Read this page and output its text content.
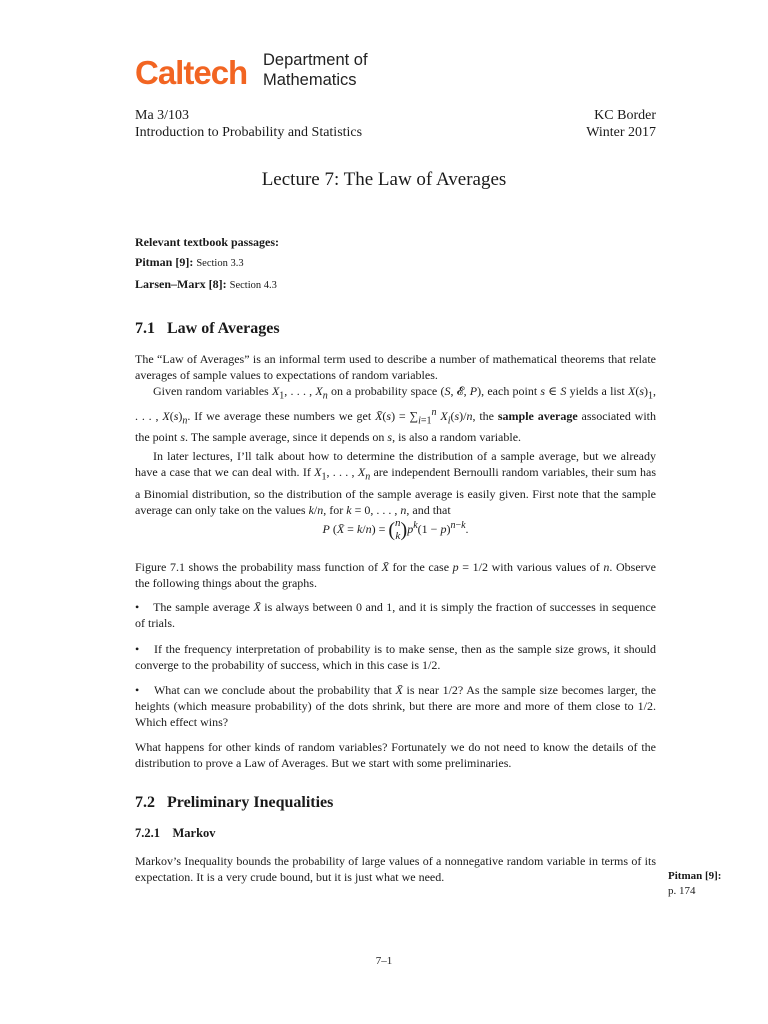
Caltech Department of
Mathematics
Ma 3/103
Introduction to Probability and Statistics
KC Border
Winter 2017
Lecture 7: The Law of Averages
Relevant textbook passages:
Pitman [9]: Section 3.3
Larsen–Marx [8]: Section 4.3
7.1 Law of Averages
The “Law of Averages” is an informal term used to describe a number of mathematical theorems that relate averages of sample values to expectations of random variables.
Given random variables $X_1$, . . . , $X_n$ on a probability space (S, 𝓔, P), each point s ∈ S yields a list $X(s)_1$, . . . , $X(s)_n$. If we average these numbers we get X̄(s) = $\sum_{i=1}^n$ $X_i(s)/n$, the sample average associated with the point s. The sample average, since it depends on s, is also a random variable.
In later lectures, I’ll talk about how to determine the distribution of a sample average, but we already have a case that we can deal with. If $X_1$, . . . , $X_n$ are independent Bernoulli random variables, their sum has a Binomial distribution, so the distribution of the sample average is easily given. First note that the sample average can only take on the values k/n, for k = 0, . . . , n, and that
P (X̄ = k/n) = (n
$k)p^k(1 - p)^{n-k}$.
Figure 7.1 shows the probability mass function of X̄ for the case p = 1/2 with various values of n. Observe the following things about the graphs.
•    The sample average X̄ is always between 0 and 1, and it is simply the fraction of successes in sequence of trials.
•    If the frequency interpretation of probability is to make sense, then as the sample size grows, it should converge to the probability of success, which in this case is 1/2.
•    What can we conclude about the probability that X̄ is near 1/2? As the sample size becomes larger, the heights (which measure probability) of the dots shrink, but there are more and more of them close to 1/2. Which effect wins?
What happens for other kinds of random variables? Fortunately we do not need to know the details of the distribution to prove a Law of Averages. But we start with some preliminaries.
7.2 Preliminary Inequalities
7.2.1 Markov
Markov’s Inequality bounds the probability of large values of a nonnegative random variable in terms of its expectation. It is a very crude bound, but it is just what we need.	Pitman [9]:
p. 174
7–1
